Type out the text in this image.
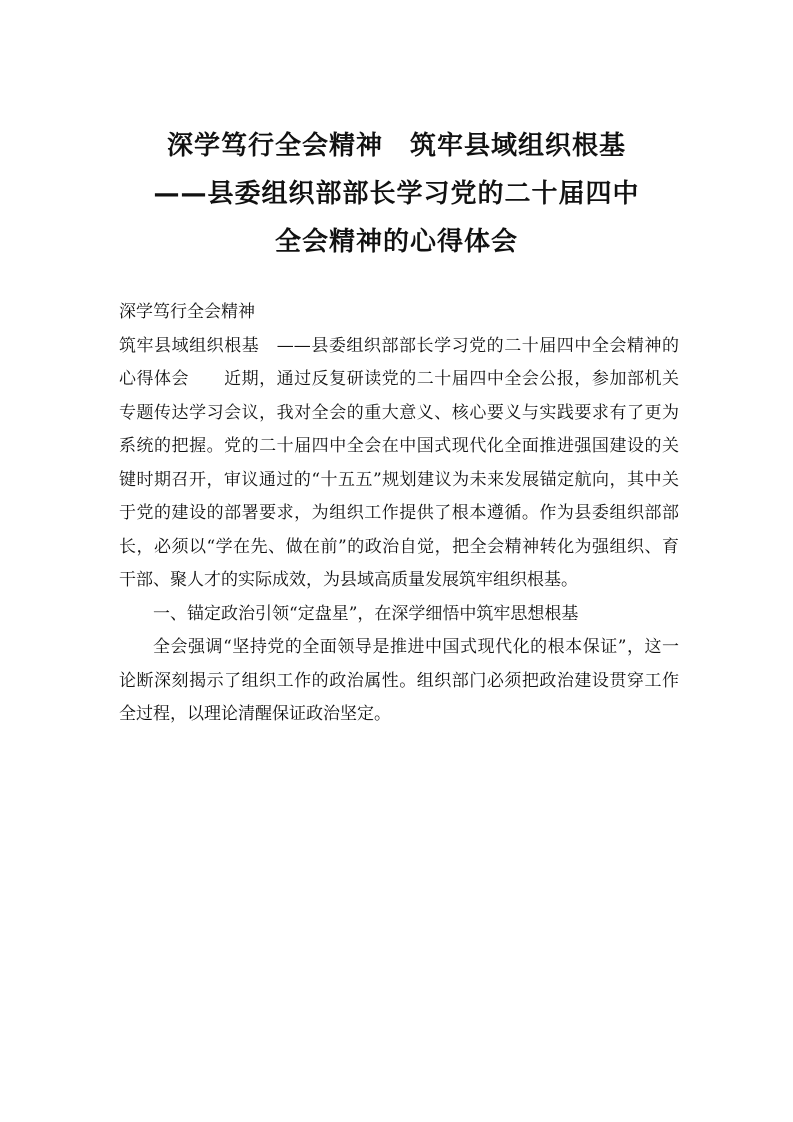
深学笃行全会精神　筑牢县域组织根基
——县委组织部部长学习党的二十届四中
全会精神的心得体会

深学笃行全会精神

筑牢县域组织根基　——县委组织部部长学习党的二十届四中全会精神的心得体会　　近期，通过反复研读党的二十届四中全会公报，参加部机关专题传达学习会议，我对全会的重大意义、核心要义与实践要求有了更为系统的把握。党的二十届四中全会在中国式现代化全面推进强国建设的关键时期召开，审议通过的“十五五”规划建议为未来发展锚定航向，其中关于党的建设的部署要求，为组织工作提供了根本遵循。作为县委组织部部长，必须以“学在先、做在前”的政治自觉，把全会精神转化为强组织、育干部、聚人才的实际成效，为县域高质量发展筑牢组织根基。

一、锚定政治引领“定盘星”，在深学细悟中筑牢思想根基

全会强调“坚持党的全面领导是推进中国式现代化的根本保证”，这一论断深刻揭示了组织工作的政治属性。组织部门必须把政治建设贯穿工作全过程，以理论清醒保证政治坚定。
